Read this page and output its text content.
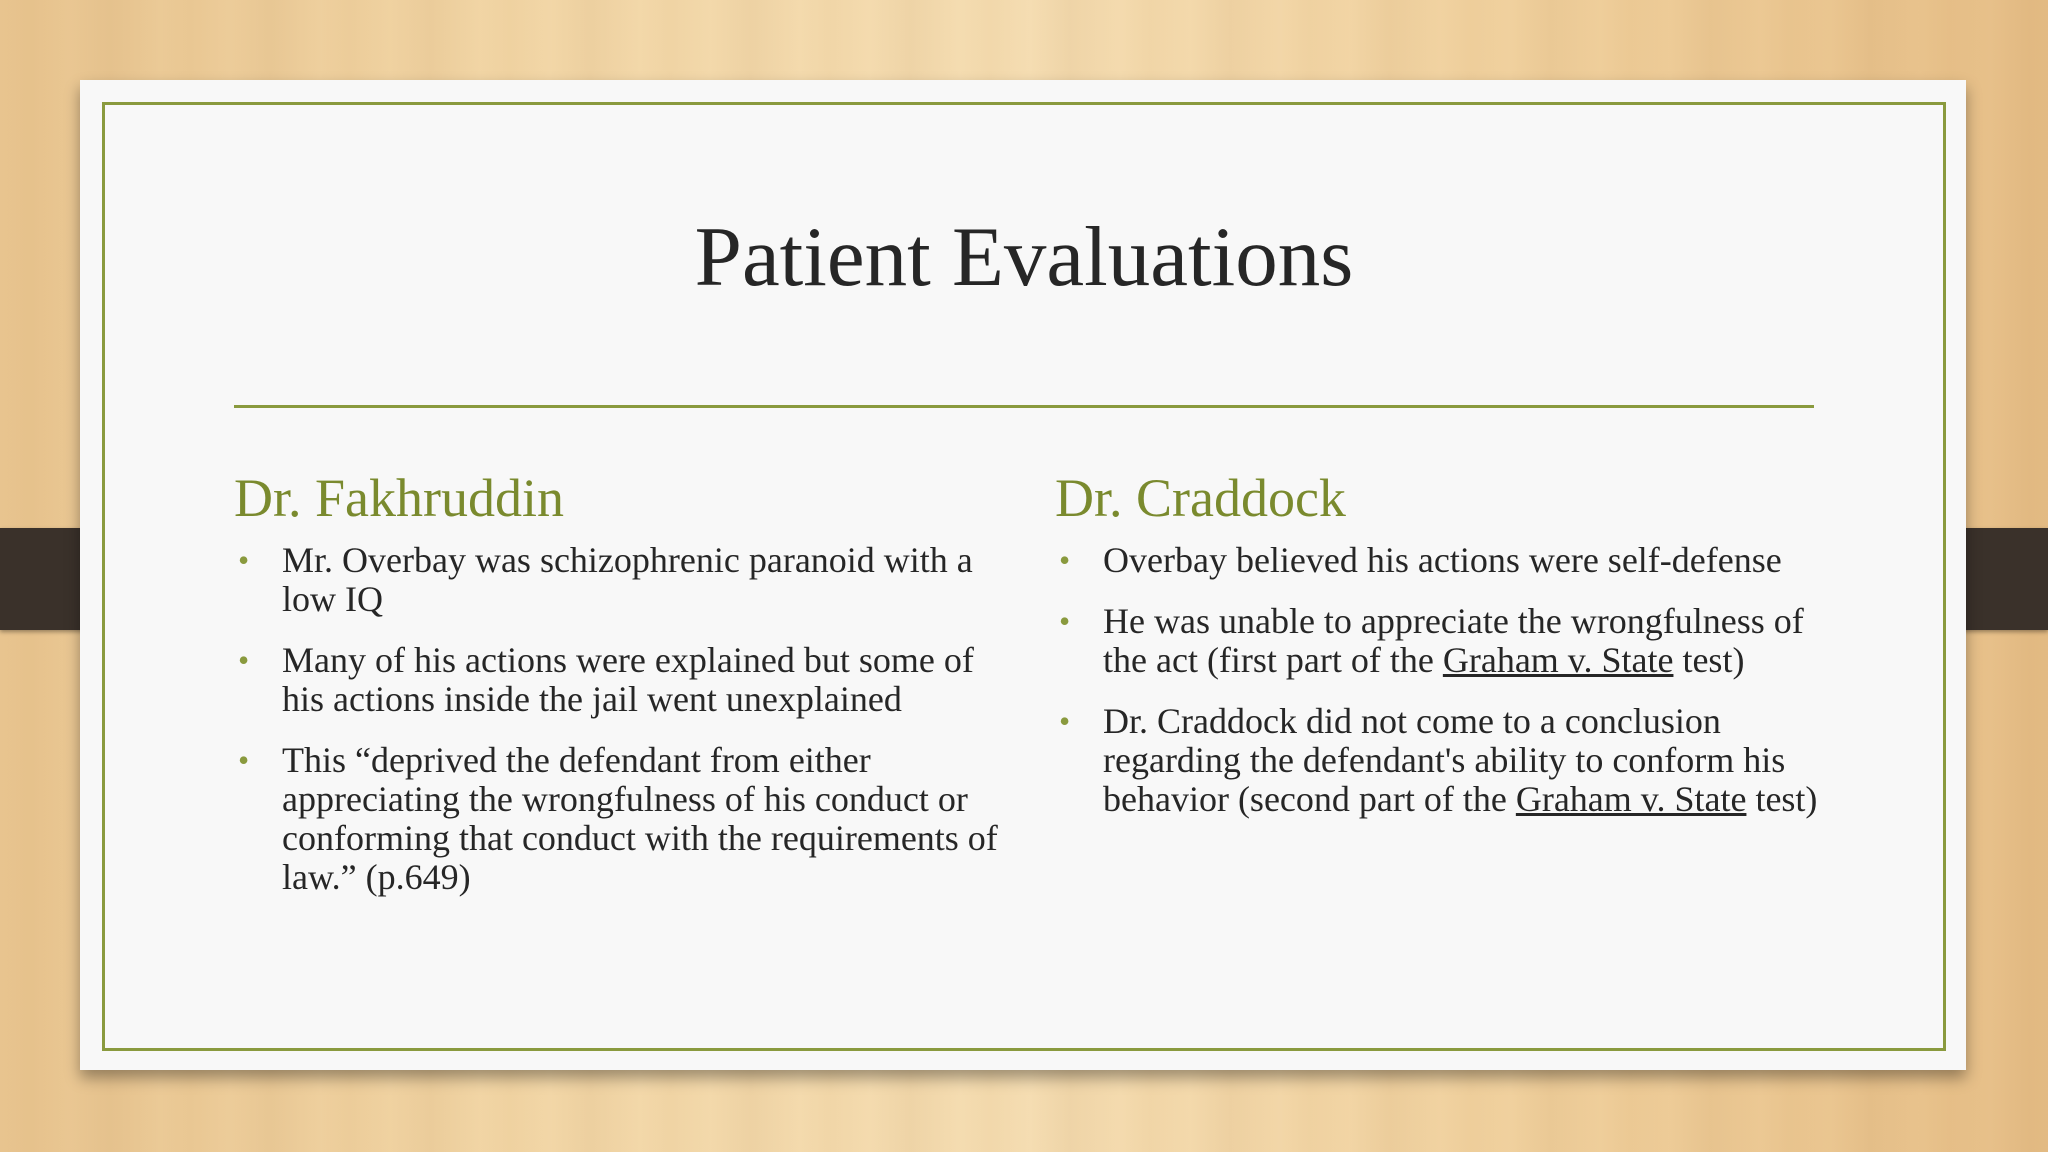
Patient Evaluations
Dr. Fakhruddin
• Mr. Overbay was schizophrenic paranoid with a low IQ
• Many of his actions were explained but some of his actions inside the jail went unexplained
• This “deprived the defendant from either appreciating the wrongfulness of his conduct or conforming that conduct with the requirements of law.” (p.649)
Dr. Craddock
• Overbay believed his actions were self-defense
• He was unable to appreciate the wrongfulness of the act (first part of the Graham v. State test)
• Dr. Craddock did not come to a conclusion regarding the defendant's ability to conform his behavior (second part of the Graham v. State test)
